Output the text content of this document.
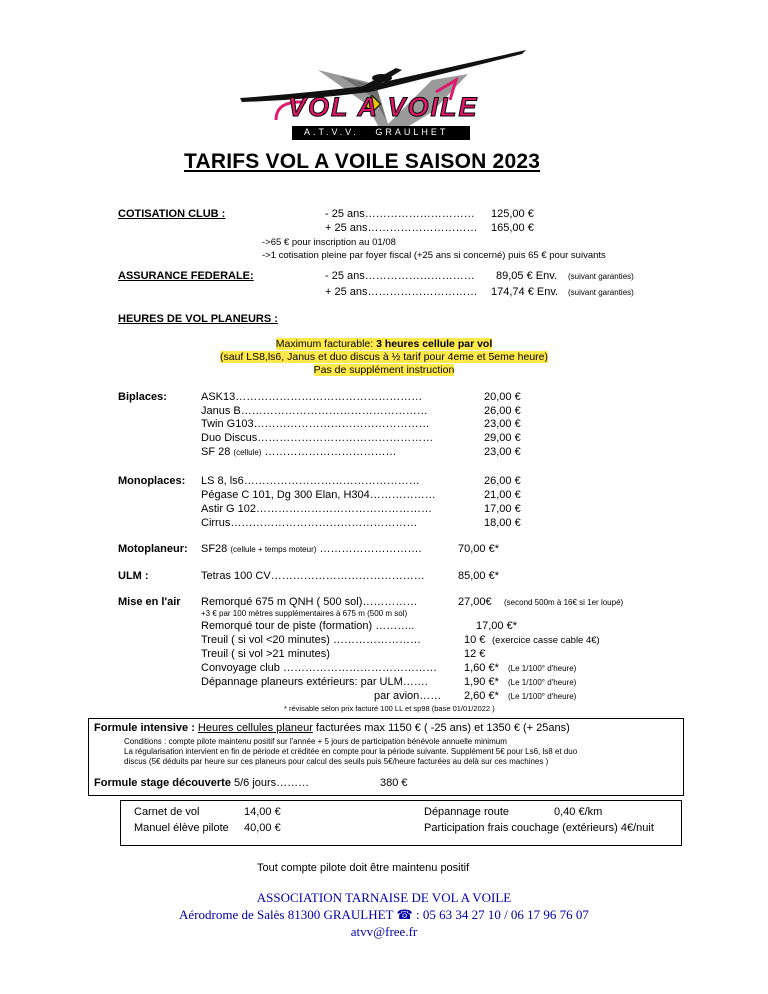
VOL A VOILE
A.T.V.V.   GRAULHET
TARIFS VOL A VOILE SAISON 2023
COTISATION CLUB :	- 25 ans………………………… 125,00 €
+ 25 ans………………………… 165,00 €
->65 € pour inscription au 01/08
->1 cotisation pleine par foyer fiscal (+25 ans si concerné) puis 65 € pour suivants
ASSURANCE FEDERALE:	- 25 ans………………………… 89,05 € Env. (suivant garanties)
+ 25 ans………………………… 174,74 € Env. (suivant garanties)
HEURES DE VOL PLANEURS :
Maximum facturable: 3 heures cellule par vol
(sauf LS8,ls6, Janus et duo discus à ½ tarif pour 4eme et 5eme heure)
Pas de supplément instruction
Biplaces:	ASK13……………………………………………	20,00 €
Janus B……………………………………………	26,00 €
Twin G103…………………………………………	23,00 €
Duo Discus…………………………………………	29,00 €
SF 28 (cellule) ………………………………	23,00 €
Monoplaces: LS 8, ls6…………………………………………	26,00 €
Pégase C 101, Dg 300 Elan, H304………………	21,00 €
Astir G 102…………………………………………	17,00 €
Cirrus……………………………………………	18,00 €
Motoplaneur: SF28 (cellule + temps moteur) ……………………….	70,00 €*
ULM :	Tetras 100 CV……………………………………	85,00 €*
Mise en l'air Remorqué 675 m QNH ( 500 sol)……………	27,00€ (second 500m à 16€ si 1er loupé)
+3 € par 100 mètres supplémentaires à 675 m (500 m sol)
Remorqué tour de piste (formation) ………..	17,00 €*
Treuil ( si vol <20 minutes) ……………………	10 € (exercice casse cable 4€)
Treuil ( si vol >21 minutes)	12 €
Convoyage club …………………………………… 1,60 €* (Le 1/100° d'heure)
Dépannage planeurs extérieurs: par ULM…….	1,90 €* (Le 1/100° d'heure)
par avion…… 2,60 €* (Le 1/100° d'heure)
* révisable selon prix facturé 100 LL et sp98 (base 01/01/2022 )
Formule intensive : Heures cellules planeur facturées max 1150 € ( -25 ans) et 1350 € (+ 25ans)
Conditions : compte pilote maintenu positif sur l'année + 5 jours de participation bénévole annuelle minimum
La régularisation intervient en fin de période et créditée en compte pour la période suivante. Supplément 5€ pour Ls6, ls8 et duo
discus (5€ déduits par heure sur ces planeurs pour calcul des seuils puis 5€/heure facturées au delà sur ces machines )
Formule stage découverte 5/6 jours………	380 €
Carnet de vol	14,00 €	Dépannage route	0,40 €/km
Manuel élève pilote 40,00 €	Participation frais couchage (extérieurs) 4€/nuit
Tout compte pilote doit être maintenu positif
ASSOCIATION TARNAISE DE VOL A VOILE
Aérodrome de Salès 81300 GRAULHET ☎ : 05 63 34 27 10 / 06 17 96 76 07
atvv@free.fr
